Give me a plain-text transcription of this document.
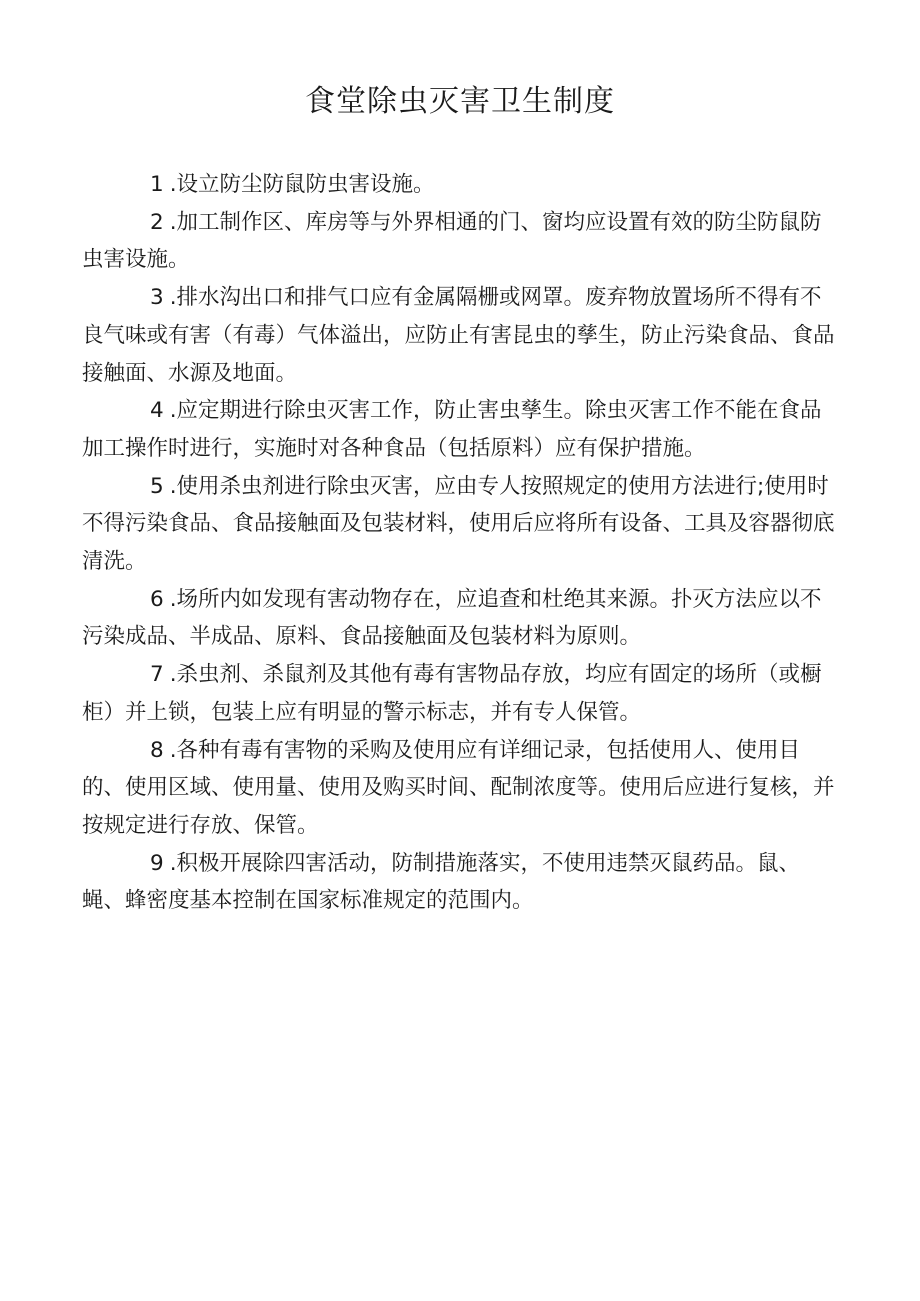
食堂除虫灭害卫生制度

1 .设立防尘防鼠防虫害设施。

2 .加工制作区、库房等与外界相通的门、窗均应设置有效的防尘防鼠防虫害设施。

3 .排水沟出口和排气口应有金属隔栅或网罩。废弃物放置场所不得有不良气味或有害（有毒）气体溢出，应防止有害昆虫的孳生，防止污染食品、食品接触面、水源及地面。

4 .应定期进行除虫灭害工作，防止害虫孳生。除虫灭害工作不能在食品加工操作时进行，实施时对各种食品（包括原料）应有保护措施。

5 .使用杀虫剂进行除虫灭害，应由专人按照规定的使用方法进行;使用时不得污染食品、食品接触面及包装材料，使用后应将所有设备、工具及容器彻底清洗。

6 .场所内如发现有害动物存在，应追查和杜绝其来源。扑灭方法应以不污染成品、半成品、原料、食品接触面及包装材料为原则。

7 .杀虫剂、杀鼠剂及其他有毒有害物品存放，均应有固定的场所（或橱柜）并上锁，包装上应有明显的警示标志，并有专人保管。

8 .各种有毒有害物的采购及使用应有详细记录，包括使用人、使用目的、使用区域、使用量、使用及购买时间、配制浓度等。使用后应进行复核，并按规定进行存放、保管。

9 .积极开展除四害活动，防制措施落实，不使用违禁灭鼠药品。鼠、蝇、蜂密度基本控制在国家标准规定的范围内。
